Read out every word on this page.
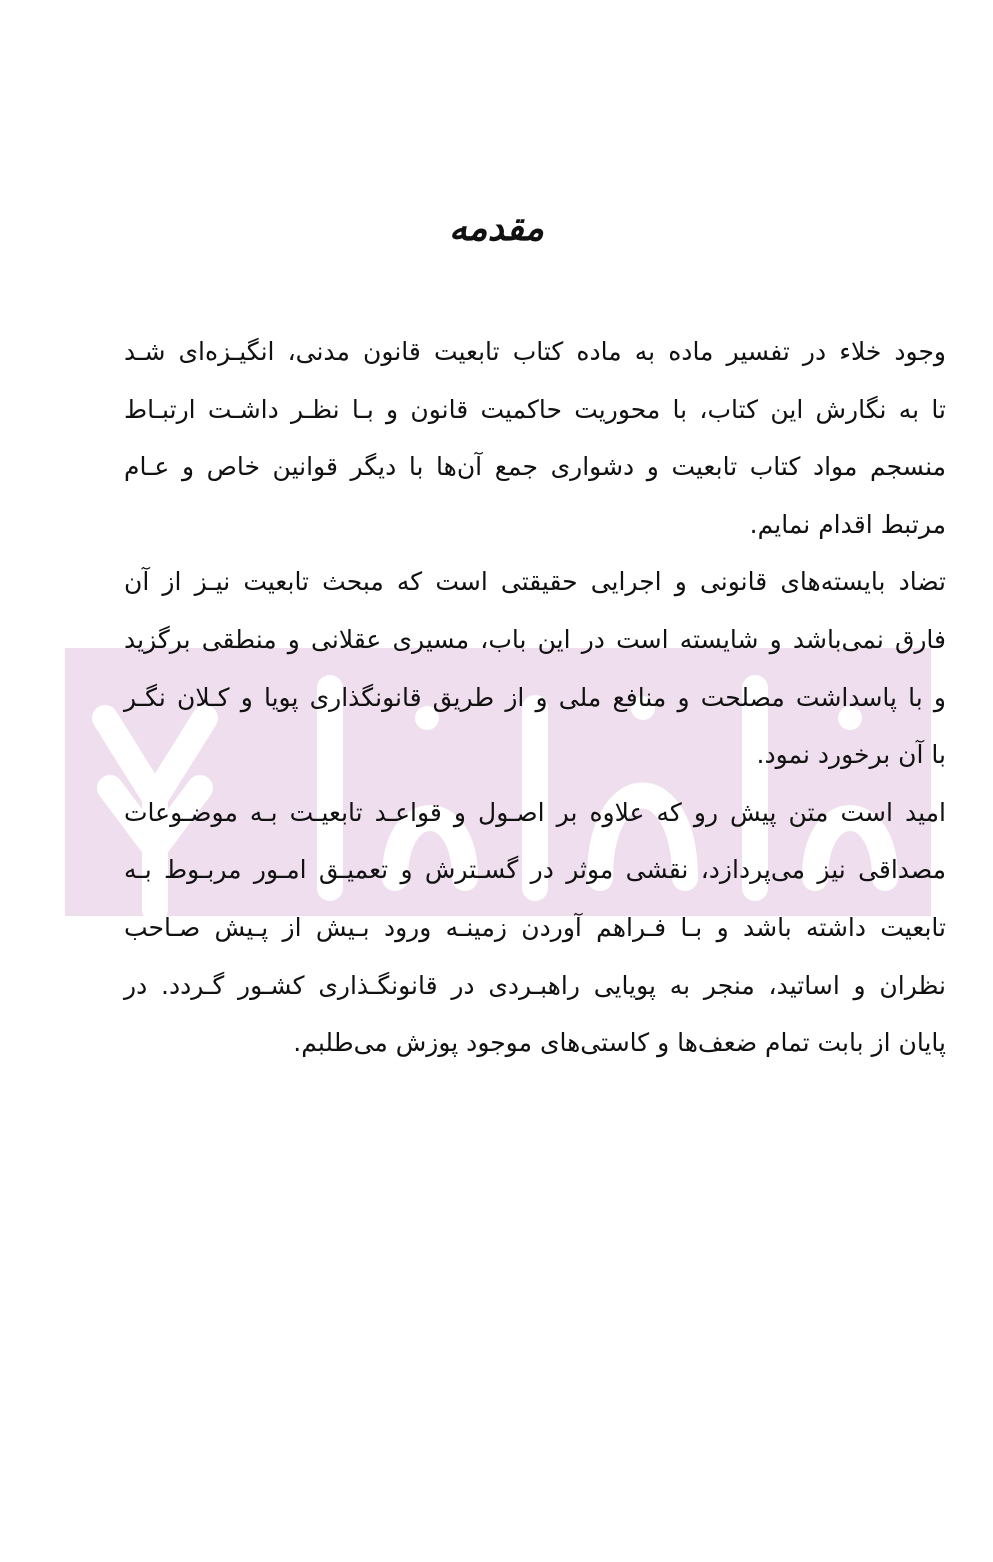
مقدمه
وجود خلاء در تفسیر ماده به ماده کتاب تابعیت قانون مدنی، انگیـزه‌ای شـد
تا به نگارش این کتاب، با محوریت حاکمیت قانون و بـا نظـر داشـت ارتبـاط
منسجم مواد کتاب تابعیت و دشواری جمع آن‌ها با دیگر قوانین خاص و عـام
مرتبط اقدام نمایم.
تضاد بایسته‌های قانونی و اجرایی حقیقتی است که مبحث تابعیت نیـز از آن
فارق نمی‌باشد و شایسته است در این باب، مسیری عقلانی و منطقی برگزید
و با پاسداشت مصلحت و منافع ملی و از طریق قانونگذاری پویا و کـلان نگـر
با آن برخورد نمود.
امید است متن پیش رو که علاوه بر اصـول و قواعـد تابعیـت بـه موضـوعات
مصداقی نیز می‌پردازد، نقشی موثر در گسـترش و تعمیـق امـور مربـوط بـه
تابعیت داشته باشد و بـا فـراهم آوردن زمینـه ورود بـیش از پـیش صـاحب
نظران و اساتید، منجر به پویایی راهبـردی در قانونگـذاری کشـور گـردد. در
پایان از بابت تمام ضعف‌ها و کاستی‌های موجود پوزش می‌طلبم.
